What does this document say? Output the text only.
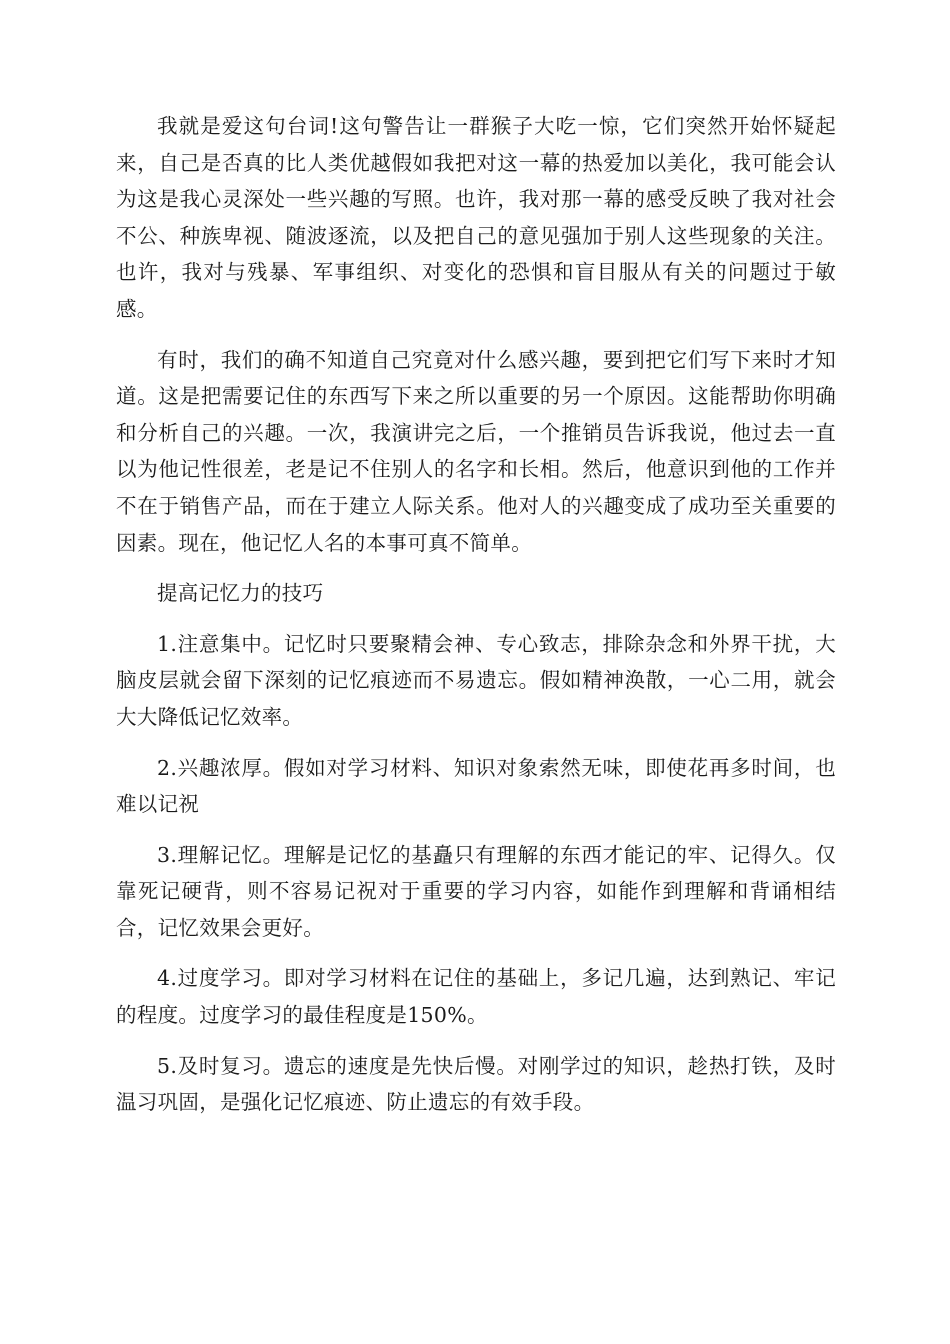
我就是爱这句台词!这句警告让一群猴子大吃一惊，它们突然开始怀疑起来，自己是否真的比人类优越假如我把对这一幕的热爱加以美化，我可能会认为这是我心灵深处一些兴趣的写照。也许，我对那一幕的感受反映了我对社会不公、种族卑视、随波逐流，以及把自己的意见强加于别人这些现象的关注。也许，我对与残暴、军事组织、对变化的恐惧和盲目服从有关的问题过于敏感。

有时，我们的确不知道自己究竟对什么感兴趣，要到把它们写下来时才知道。这是把需要记住的东西写下来之所以重要的另一个原因。这能帮助你明确和分析自己的兴趣。一次，我演讲完之后，一个推销员告诉我说，他过去一直以为他记性很差，老是记不住别人的名字和长相。然后，他意识到他的工作并不在于销售产品，而在于建立人际关系。他对人的兴趣变成了成功至关重要的因素。现在，他记忆人名的本事可真不简单。

提高记忆力的技巧

1.注意集中。记忆时只要聚精会神、专心致志，排除杂念和外界干扰，大脑皮层就会留下深刻的记忆痕迹而不易遗忘。假如精神涣散，一心二用，就会大大降低记忆效率。

2.兴趣浓厚。假如对学习材料、知识对象索然无味，即使花再多时间，也难以记祝

3.理解记忆。理解是记忆的基矗只有理解的东西才能记的牢、记得久。仅靠死记硬背，则不容易记祝对于重要的学习内容，如能作到理解和背诵相结合，记忆效果会更好。

4.过度学习。即对学习材料在记住的基础上，多记几遍，达到熟记、牢记的程度。过度学习的最佳程度是150%。

5.及时复习。遗忘的速度是先快后慢。对刚学过的知识，趁热打铁，及时温习巩固，是强化记忆痕迹、防止遗忘的有效手段。
